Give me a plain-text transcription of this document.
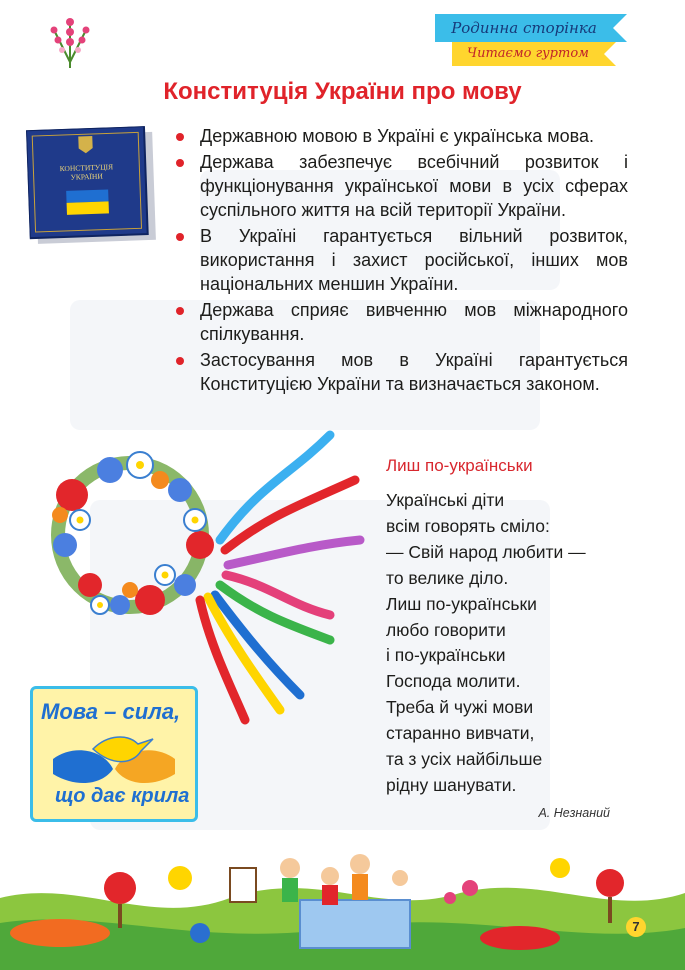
Родинна сторінка
Читаємо гуртом
Конституція України про мову
КОНСТИТУЦІЯ
УКРАЇНИ
Державною мовою в Україні є українська мова.
Держава забезпечує всебічний розвиток і функціонування української мови в усіх сферах суспільного життя на всій території України.
В Україні гарантується вільний розвиток, використання і захист російської, інших мов національних меншин України.
Держава сприяє вивченню мов міжнародного спілкування.
Застосування мов в Україні гарантується Конституцією України та визначається законом.
Лиш по-українськи
Українські діти
всім говорять сміло:
— Свій народ любити —
то велике діло.
Лиш по-українськи
любо говорити
і по-українськи
Господа молити.
Треба й чужі мови
старанно вивчати,
та з усіх найбільше
рідну шанувати.
А. Незнаний
Мова – сила,
що дає крила
7
